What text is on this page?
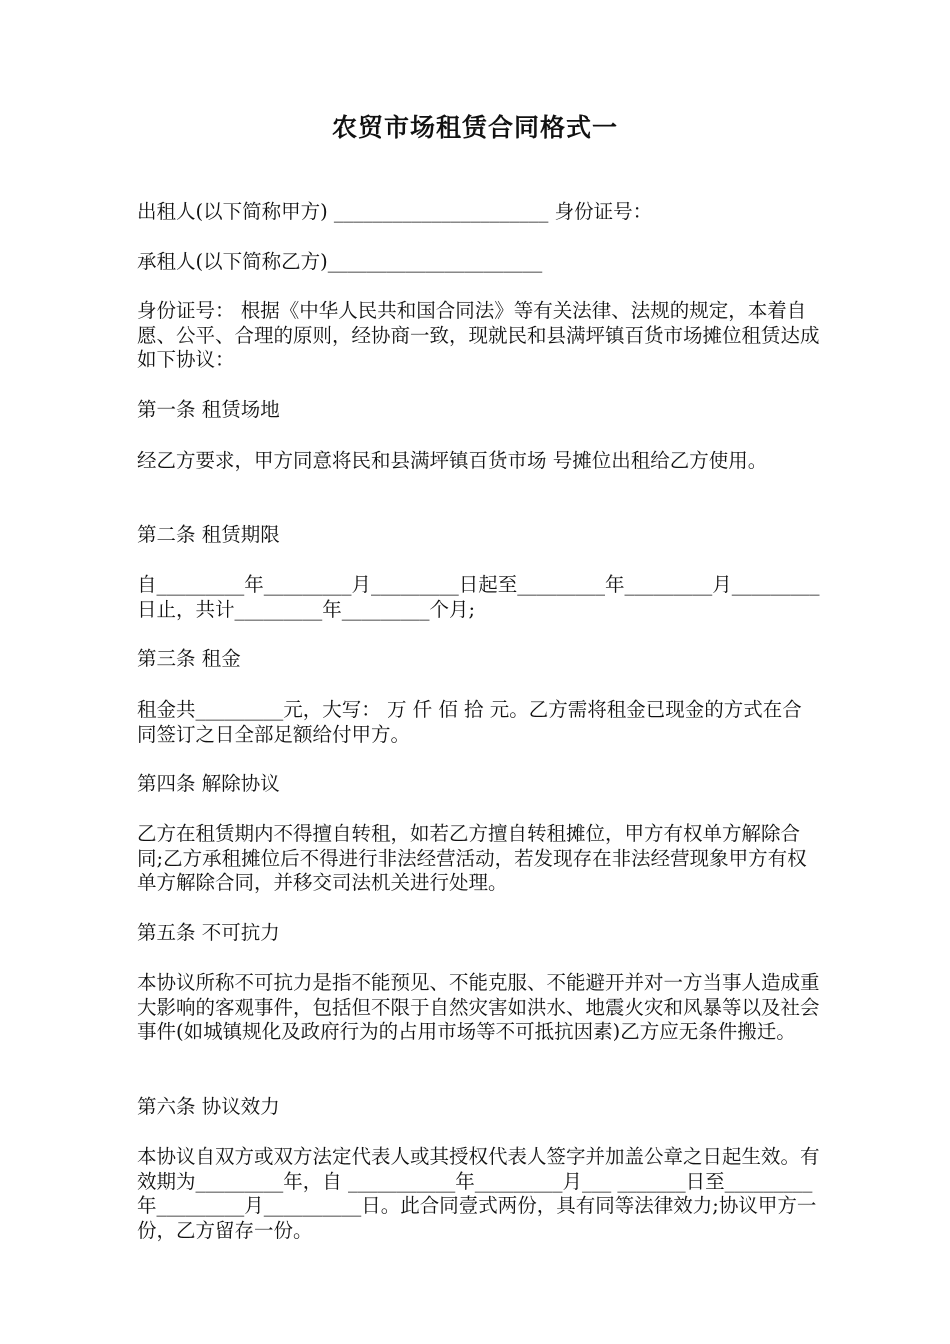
农贸市场租赁合同格式一

出租人(以下简称甲方) ______________________ 身份证号：

承租人(以下简称乙方)______________________

身份证号： 根据《中华人民共和国合同法》等有关法律、法规的规定，本着自愿、公平、合理的原则，经协商一致，现就民和县满坪镇百货市场摊位租赁达成如下协议：

第一条 租赁场地

经乙方要求，甲方同意将民和县满坪镇百货市场 号摊位出租给乙方使用。

第二条 租赁期限

自_________年_________月_________日起至_________年_________月_________日止，共计_________年_________个月;

第三条 租金

租金共_________元，大写： 万 仟 佰 拾 元。乙方需将租金已现金的方式在合同签订之日全部足额给付甲方。

第四条 解除协议

乙方在租赁期内不得擅自转租，如若乙方擅自转租摊位，甲方有权单方解除合同;乙方承租摊位后不得进行非法经营活动，若发现存在非法经营现象甲方有权单方解除合同，并移交司法机关进行处理。

第五条 不可抗力

本协议所称不可抗力是指不能预见、不能克服、不能避开并对一方当事人造成重大影响的客观事件，包括但不限于自然灾害如洪水、地震火灾和风暴等以及社会事件(如城镇规化及政府行为的占用市场等不可抵抗因素)乙方应无条件搬迁。

第六条 协议效力

本协议自双方或双方法定代表人或其授权代表人签字并加盖公章之日起生效。有效期为_________年，自 ___________年_________月___ _______日至_________年_________月__________日。此合同壹式两份，具有同等法律效力;协议甲方一份，乙方留存一份。
